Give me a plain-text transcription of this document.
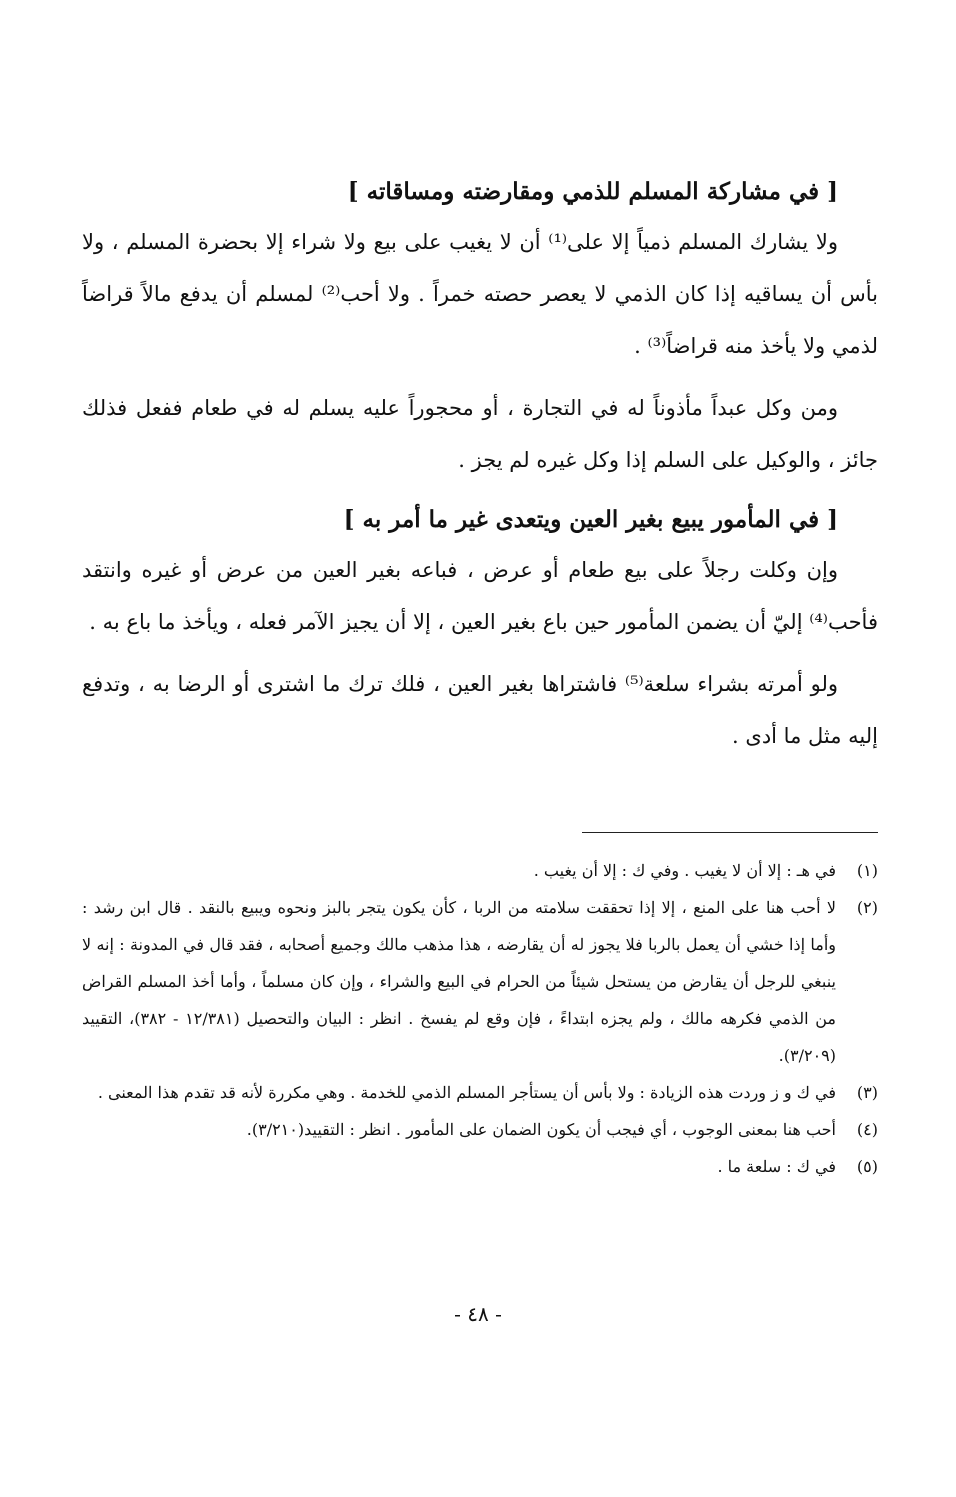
[ في مشاركة المسلم للذمي ومقارضته ومساقاته ]
ولا يشارك المسلم ذمياً إلا على⁽¹⁾ أن لا يغيب على بيع ولا شراء إلا بحضرة المسلم ، ولا بأس أن يساقيه إذا كان الذمي لا يعصر حصته خمراً . ولا أحب⁽²⁾ لمسلم أن يدفع مالاً قراضاً لذمي ولا يأخذ منه قراضاً⁽³⁾ .
ومن وكل عبداً مأذوناً له في التجارة ، أو محجوراً عليه يسلم له في طعام ففعل فذلك جائز ، والوكيل على السلم إذا وكل غيره لم يجز .
[ في المأمور يبيع بغير العين ويتعدى غير ما أمر به ]
وإن وكلت رجلاً على بيع طعام أو عرض ، فباعه بغير العين من عرض أو غيره وانتقد فأحب⁽⁴⁾ إليّ أن يضمن المأمور حين باع بغير العين ، إلا أن يجيز الآمر فعله ، ويأخذ ما باع به .
ولو أمرته بشراء سلعة⁽⁵⁾ فاشتراها بغير العين ، فلك ترك ما اشترى أو الرضا به ، وتدفع إليه مثل ما أدى .
(١)
في هـ : إلا أن لا يغيب . وفي ك : إلا أن يغيب .
(٢)
لا أحب هنا على المنع ، إلا إذا تحققت سلامته من الربا ، كأن يكون يتجر بالبز ونحوه ويبيع بالنقد . قال ابن رشد : وأما إذا خشي أن يعمل بالربا فلا يجوز له أن يقارضه ، هذا مذهب مالك وجميع أصحابه ، فقد قال في المدونة : إنه لا ينبغي للرجل أن يقارض من يستحل شيئاً من الحرام في البيع والشراء ، وإن كان مسلماً ، وأما أخذ المسلم القراض من الذمي فكرهه مالك ، ولم يجزه ابتداءً ، فإن وقع لم يفسخ . انظر : البيان والتحصيل (١٢/٣٨١ - ٣٨٢)، التقييد (٣/٢٠٩).
(٣)
في ك و ز وردت هذه الزيادة : ولا بأس أن يستأجر المسلم الذمي للخدمة . وهي مكررة لأنه قد تقدم هذا المعنى .
(٤)
أحب هنا بمعنى الوجوب ، أي فيجب أن يكون الضمان على المأمور . انظر : التقييد(٣/٢١٠).
(٥)
في ك : سلعة ما .
- ٤٨ -
